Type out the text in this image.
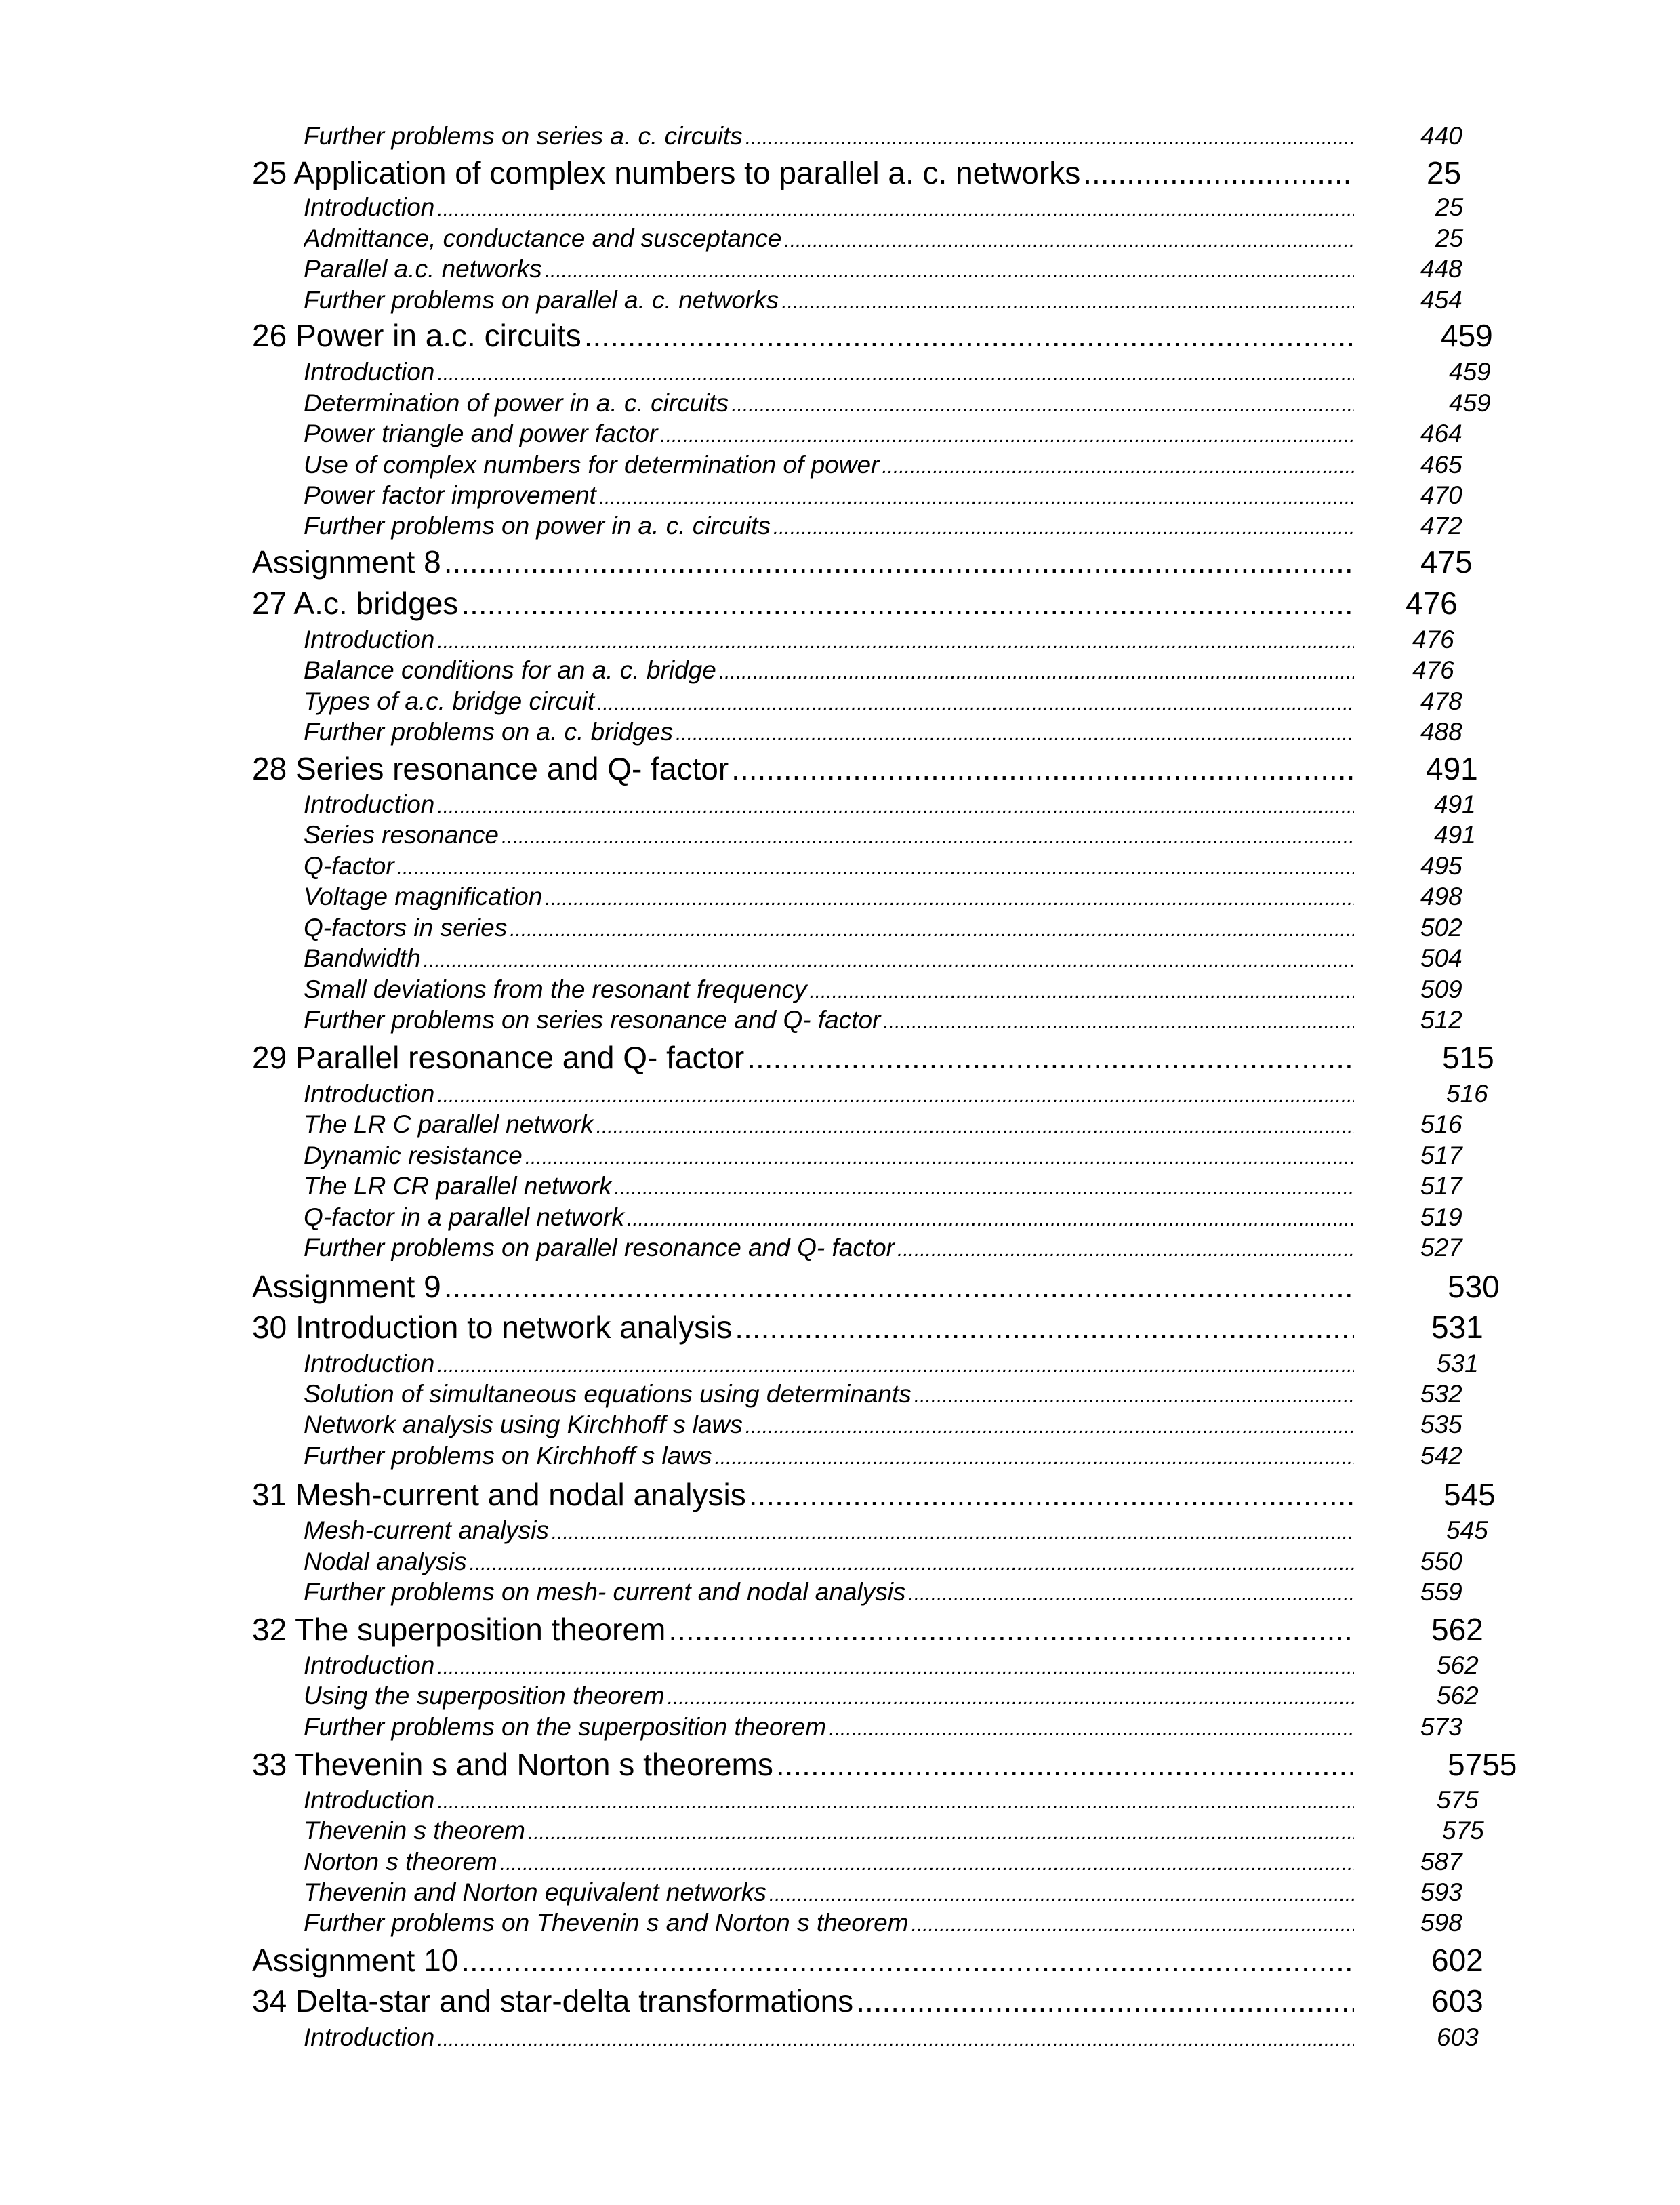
Further problems on series a. c. circuits .....	440
25 Application of complex numbers to parallel a. c. networks .....	25
Introduction .....	25
Admittance, conductance and susceptance .....	25
Parallel a.c. networks .....	448
Further problems on parallel a. c. networks .....	454
26 Power in a.c. circuits .....	459
Introduction .....	459
Determination of power in a. c. circuits .....	459
Power triangle and power factor .....	464
Use of complex numbers for determination of power .....	465
Power factor improvement .....	470
Further problems on power in a. c. circuits .....	472
Assignment 8 .....	475
27 A.c. bridges .....	476
Introduction .....	476
Balance conditions for an a. c. bridge .....	476
Types of a.c. bridge circuit .....	478
Further problems on a. c. bridges .....	488
28 Series resonance and Q- factor .....	491
Introduction .....	491
Series resonance .....	491
Q-factor .....	495
Voltage magnification .....	498
Q-factors in series .....	502
Bandwidth .....	504
Small deviations from the resonant frequency .....	509
Further problems on series resonance and Q- factor .....	512
29 Parallel resonance and Q- factor .....	515
Introduction .....	516
The LR C parallel network .....	516
Dynamic resistance .....	517
The LR CR parallel network .....	517
Q-factor in a parallel network .....	519
Further problems on parallel resonance and Q- factor .....	527
Assignment 9 .....	530
30 Introduction to network analysis .....	531
Introduction .....	531
Solution of simultaneous equations using determinants .....	532
Network analysis using Kirchhoff s laws .....	535
Further problems on Kirchhoff s laws .....	542
31 Mesh-current and nodal analysis .....	545
Mesh-current analysis .....	545
Nodal analysis .....	550
Further problems on mesh- current and nodal analysis .....	559
32 The superposition theorem .....	562
Introduction .....	562
Using the superposition theorem .....	562
Further problems on the superposition theorem .....	573
33 Thevenin s and Norton s theorems .....	5755
Introduction .....	575
Thevenin s theorem .....	575
Norton s theorem .....	587
Thevenin and Norton equivalent networks .....	593
Further problems on Thevenin s and Norton s theorem .....	598
Assignment 10 .....	602
34 Delta-star and star-delta transformations .....	603
Introduction .....	603
